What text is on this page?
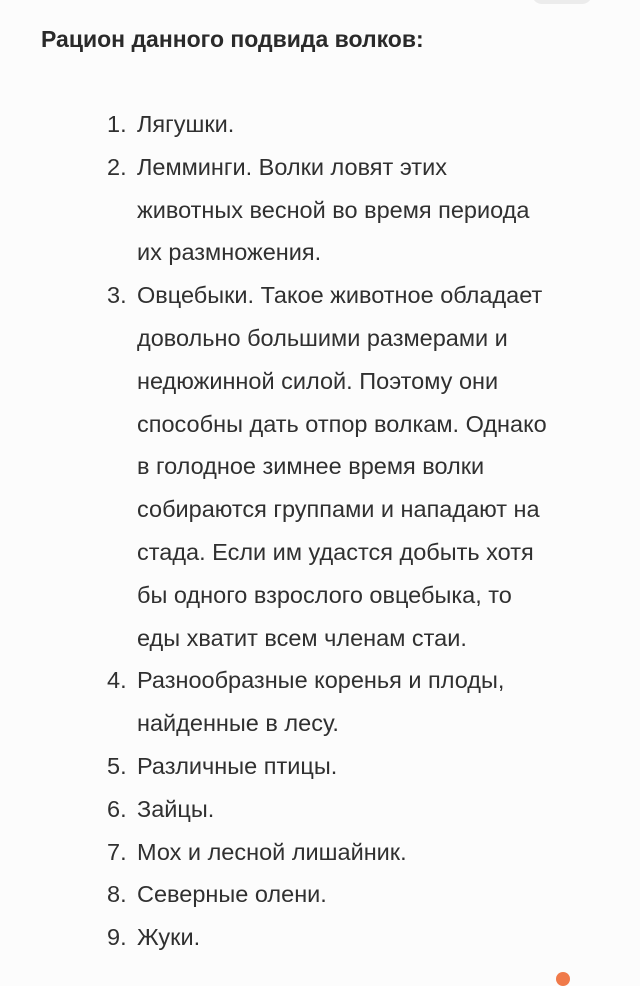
Рацион данного подвида волков:
1. Лягушки.
2. Лемминги. Волки ловят этих
животных весной во время периода
их размножения.
3. Овцебыки. Такое животное обладает
довольно большими размерами и
недюжинной силой. Поэтому они
способны дать отпор волкам. Однако
в голодное зимнее время волки
собираются группами и нападают на
стада. Если им удастся добыть хотя
бы одного взрослого овцебыка, то
еды хватит всем членам стаи.
4. Разнообразные коренья и плоды,
найденные в лесу.
5. Различные птицы.
6. Зайцы.
7. Мох и лесной лишайник.
8. Северные олени.
9. Жуки.
